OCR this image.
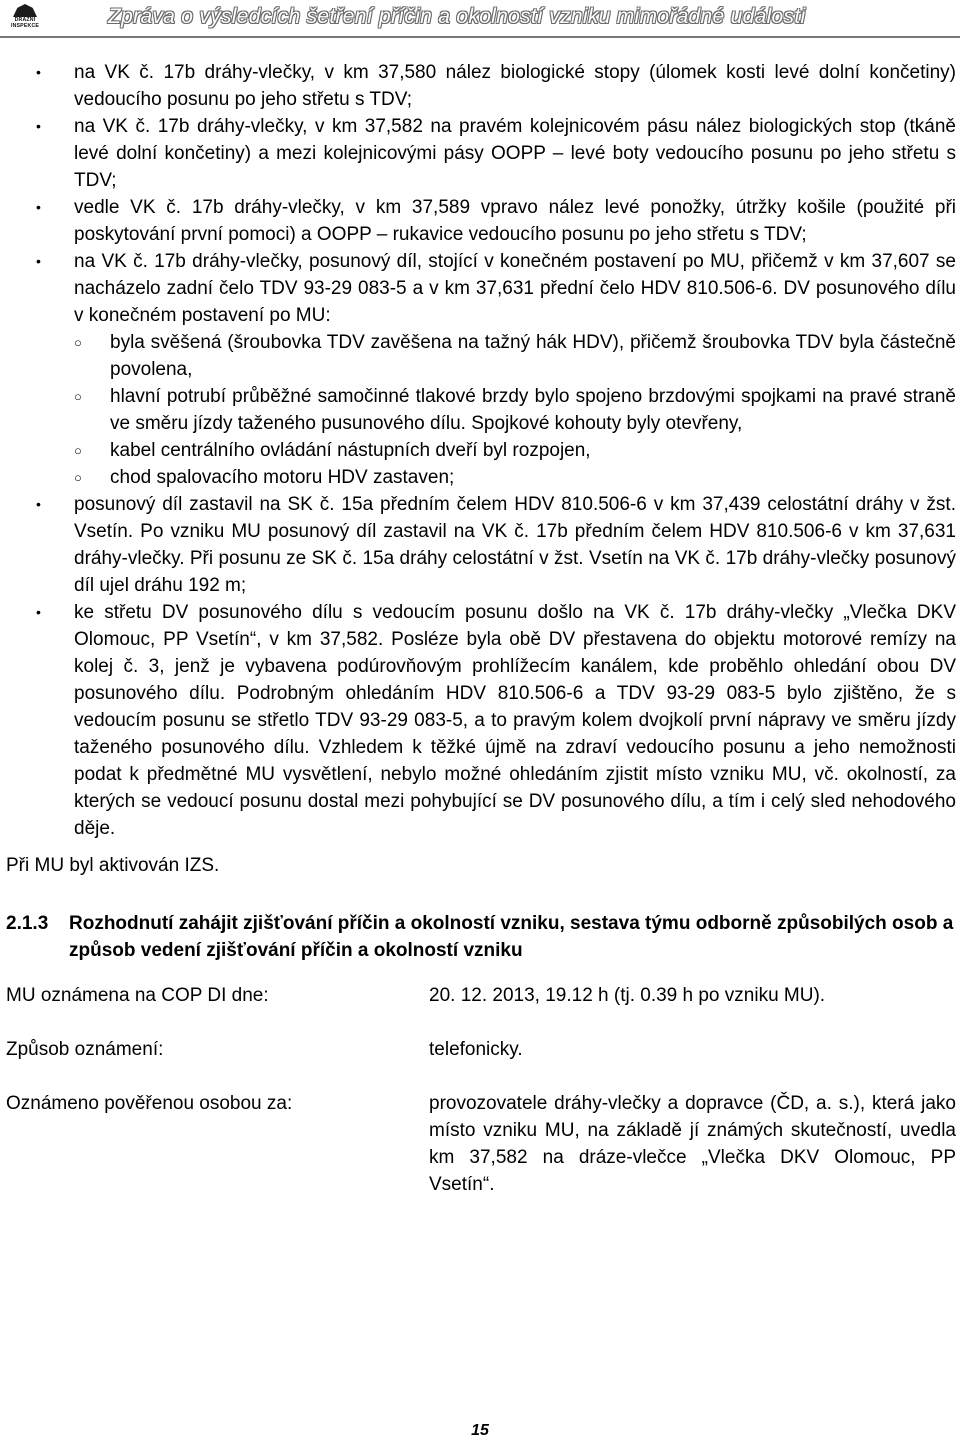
DRÁŽNÍ INSPEKCE	Zpráva o výsledcích šetření příčin a okolností vzniku mimořádné události
• na VK č. 17b dráhy-vlečky, v km 37,580 nález biologické stopy (úlomek kosti levé dolní končetiny) vedoucího posunu po jeho střetu s TDV;
• na VK č. 17b dráhy-vlečky, v km 37,582 na pravém kolejnicovém pásu nález biologických stop (tkáně levé dolní končetiny) a mezi kolejnicovými pásy OOPP – levé boty vedoucího posunu po jeho střetu s TDV;
• vedle VK č. 17b dráhy-vlečky, v km 37,589 vpravo nález levé ponožky, útržky košile (použité při poskytování první pomoci) a OOPP – rukavice vedoucího posunu po jeho střetu s TDV;
• na VK č. 17b dráhy-vlečky, posunový díl, stojící v konečném postavení po MU, přičemž v km 37,607 se nacházelo zadní čelo TDV 93-29 083-5 a v km 37,631 přední čelo HDV 810.506-6. DV posunového dílu v konečném postavení po MU:
○ byla svěšená (šroubovka TDV zavěšena na tažný hák HDV), přičemž šroubovka TDV byla částečně povolena,
○ hlavní potrubí průběžné samočinné tlakové brzdy bylo spojeno brzdovými spojkami na pravé straně ve směru jízdy taženého pusunového dílu. Spojkové kohouty byly otevřeny,
○ kabel centrálního ovládání nástupních dveří byl rozpojen,
○ chod spalovacího motoru HDV zastaven;
• posunový díl zastavil na SK č. 15a předním čelem HDV 810.506-6 v km 37,439 celostátní dráhy v žst. Vsetín. Po vzniku MU posunový díl zastavil na VK č. 17b předním čelem HDV 810.506-6 v km 37,631 dráhy-vlečky. Při posunu ze SK č. 15a dráhy celostátní v žst. Vsetín na VK č. 17b dráhy-vlečky posunový díl ujel dráhu 192 m;
• ke střetu DV posunového dílu s vedoucím posunu došlo na VK č. 17b dráhy-vlečky „Vlečka DKV Olomouc, PP Vsetín“, v km 37,582. Posléze byla obě DV přestavena do objektu motorové remízy na kolej č. 3, jenž je vybavena podúrovňovým prohlížecím kanálem, kde proběhlo ohledání obou DV posunového dílu. Podrobným ohledáním HDV 810.506-6 a TDV 93-29 083-5 bylo zjištěno, že s vedoucím posunu se střetlo TDV 93-29 083-5, a to pravým kolem dvojkolí první nápravy ve směru jízdy taženého posunového dílu. Vzhledem k těžké újmě na zdraví vedoucího posunu a jeho nemožnosti podat k předmětné MU vysvětlení, nebylo možné ohledáním zjistit místo vzniku MU, vč. okolností, za kterých se vedoucí posunu dostal mezi pohybující se DV posunového dílu, a tím i celý sled nehodového děje.

Při MU byl aktivován IZS.

2.1.3 Rozhodnutí zahájit zjišťování příčin a okolností vzniku, sestava týmu odborně způsobilých osob a způsob vedení zjišťování příčin a okolností vzniku
MU oznámena na COP DI dne:	20. 12. 2013, 19.12 h (tj. 0.39 h po vzniku MU).
Způsob oznámení:	telefonicky.
Oznámeno pověřenou osobou za:	provozovatele dráhy-vlečky a dopravce (ČD, a. s.), která jako místo vzniku MU, na základě jí známých skutečností, uvedla km 37,582 na dráze-vlečce „Vlečka DKV Olomouc, PP Vsetín“.
15
